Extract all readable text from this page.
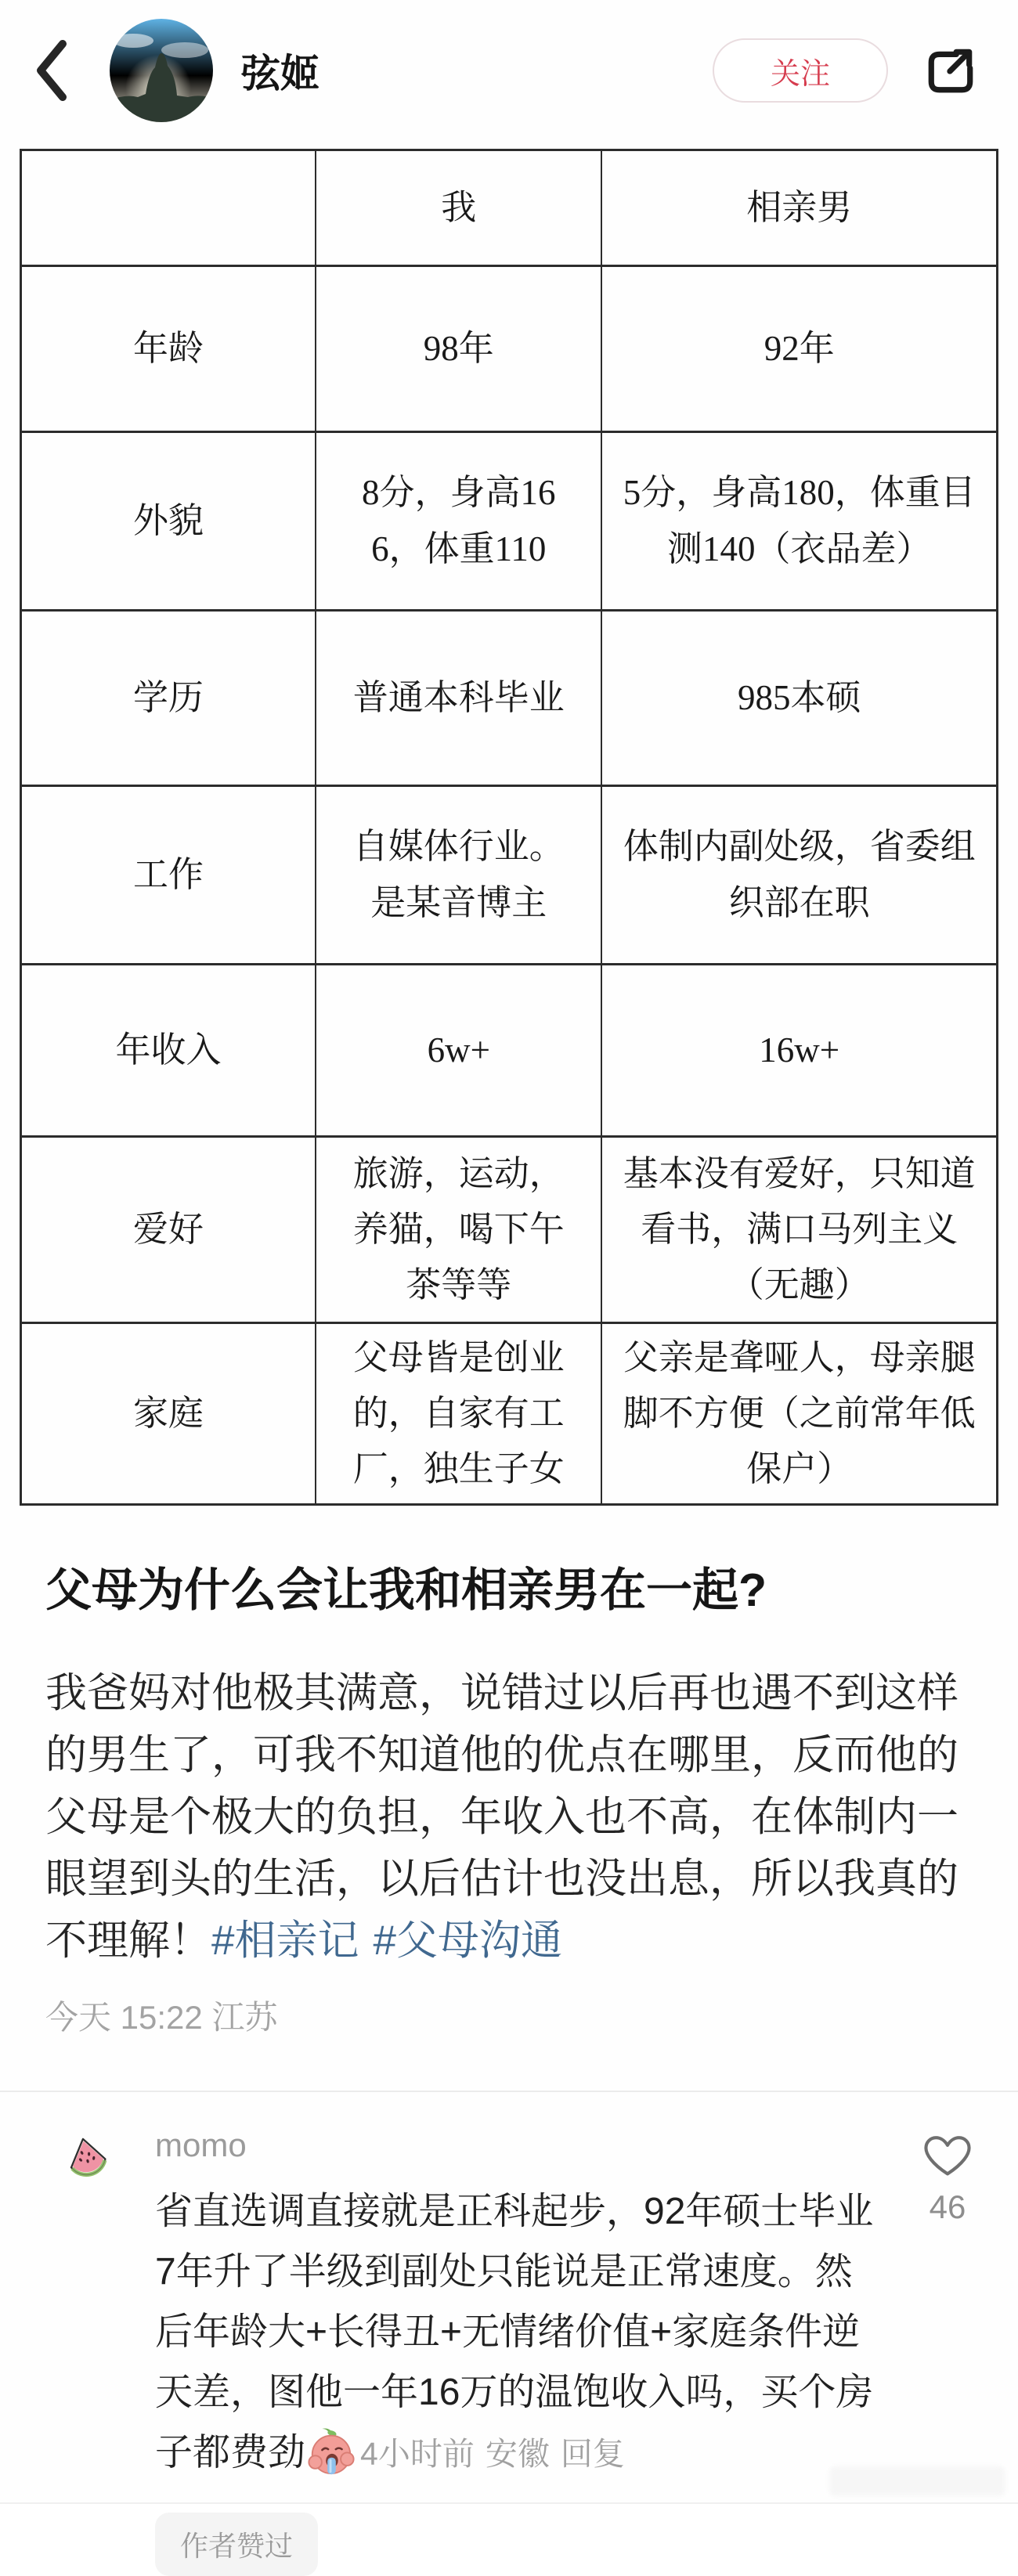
弦姬	关注
	我	相亲男
年龄	98年	92年
外貌	8分，身高166，体重110	5分，身高180，体重目测140（衣品差）
学历	普通本科毕业	985本硕
工作	自媒体行业。是某音博主	体制内副处级，省委组织部在职
年收入	6w+	16w+
爱好	旅游，运动，养猫，喝下午茶等等	基本没有爱好，只知道看书，满口马列主义（无趣）
家庭	父母皆是创业的，自家有工厂，独生子女	父亲是聋哑人，母亲腿脚不方便（之前常年低保户）
父母为什么会让我和相亲男在一起?

我爸妈对他极其满意，说错过以后再也遇不到这样的男生了，可我不知道他的优点在哪里，反而他的父母是个极大的负担，年收入也不高，在体制内一眼望到头的生活，以后估计也没出息，所以我真的不理解！#相亲记 #父母沟通

今天 15:22 江苏
momo

省直选调直接就是正科起步，92年硕士毕业7年升了半级到副处只能说是正常速度。然后年龄大+长得丑+无情绪价值+家庭条件逆天差，图他一年16万的温饱收入吗，买个房子都费劲 4小时前 安徽 回复

作者赞过
46
